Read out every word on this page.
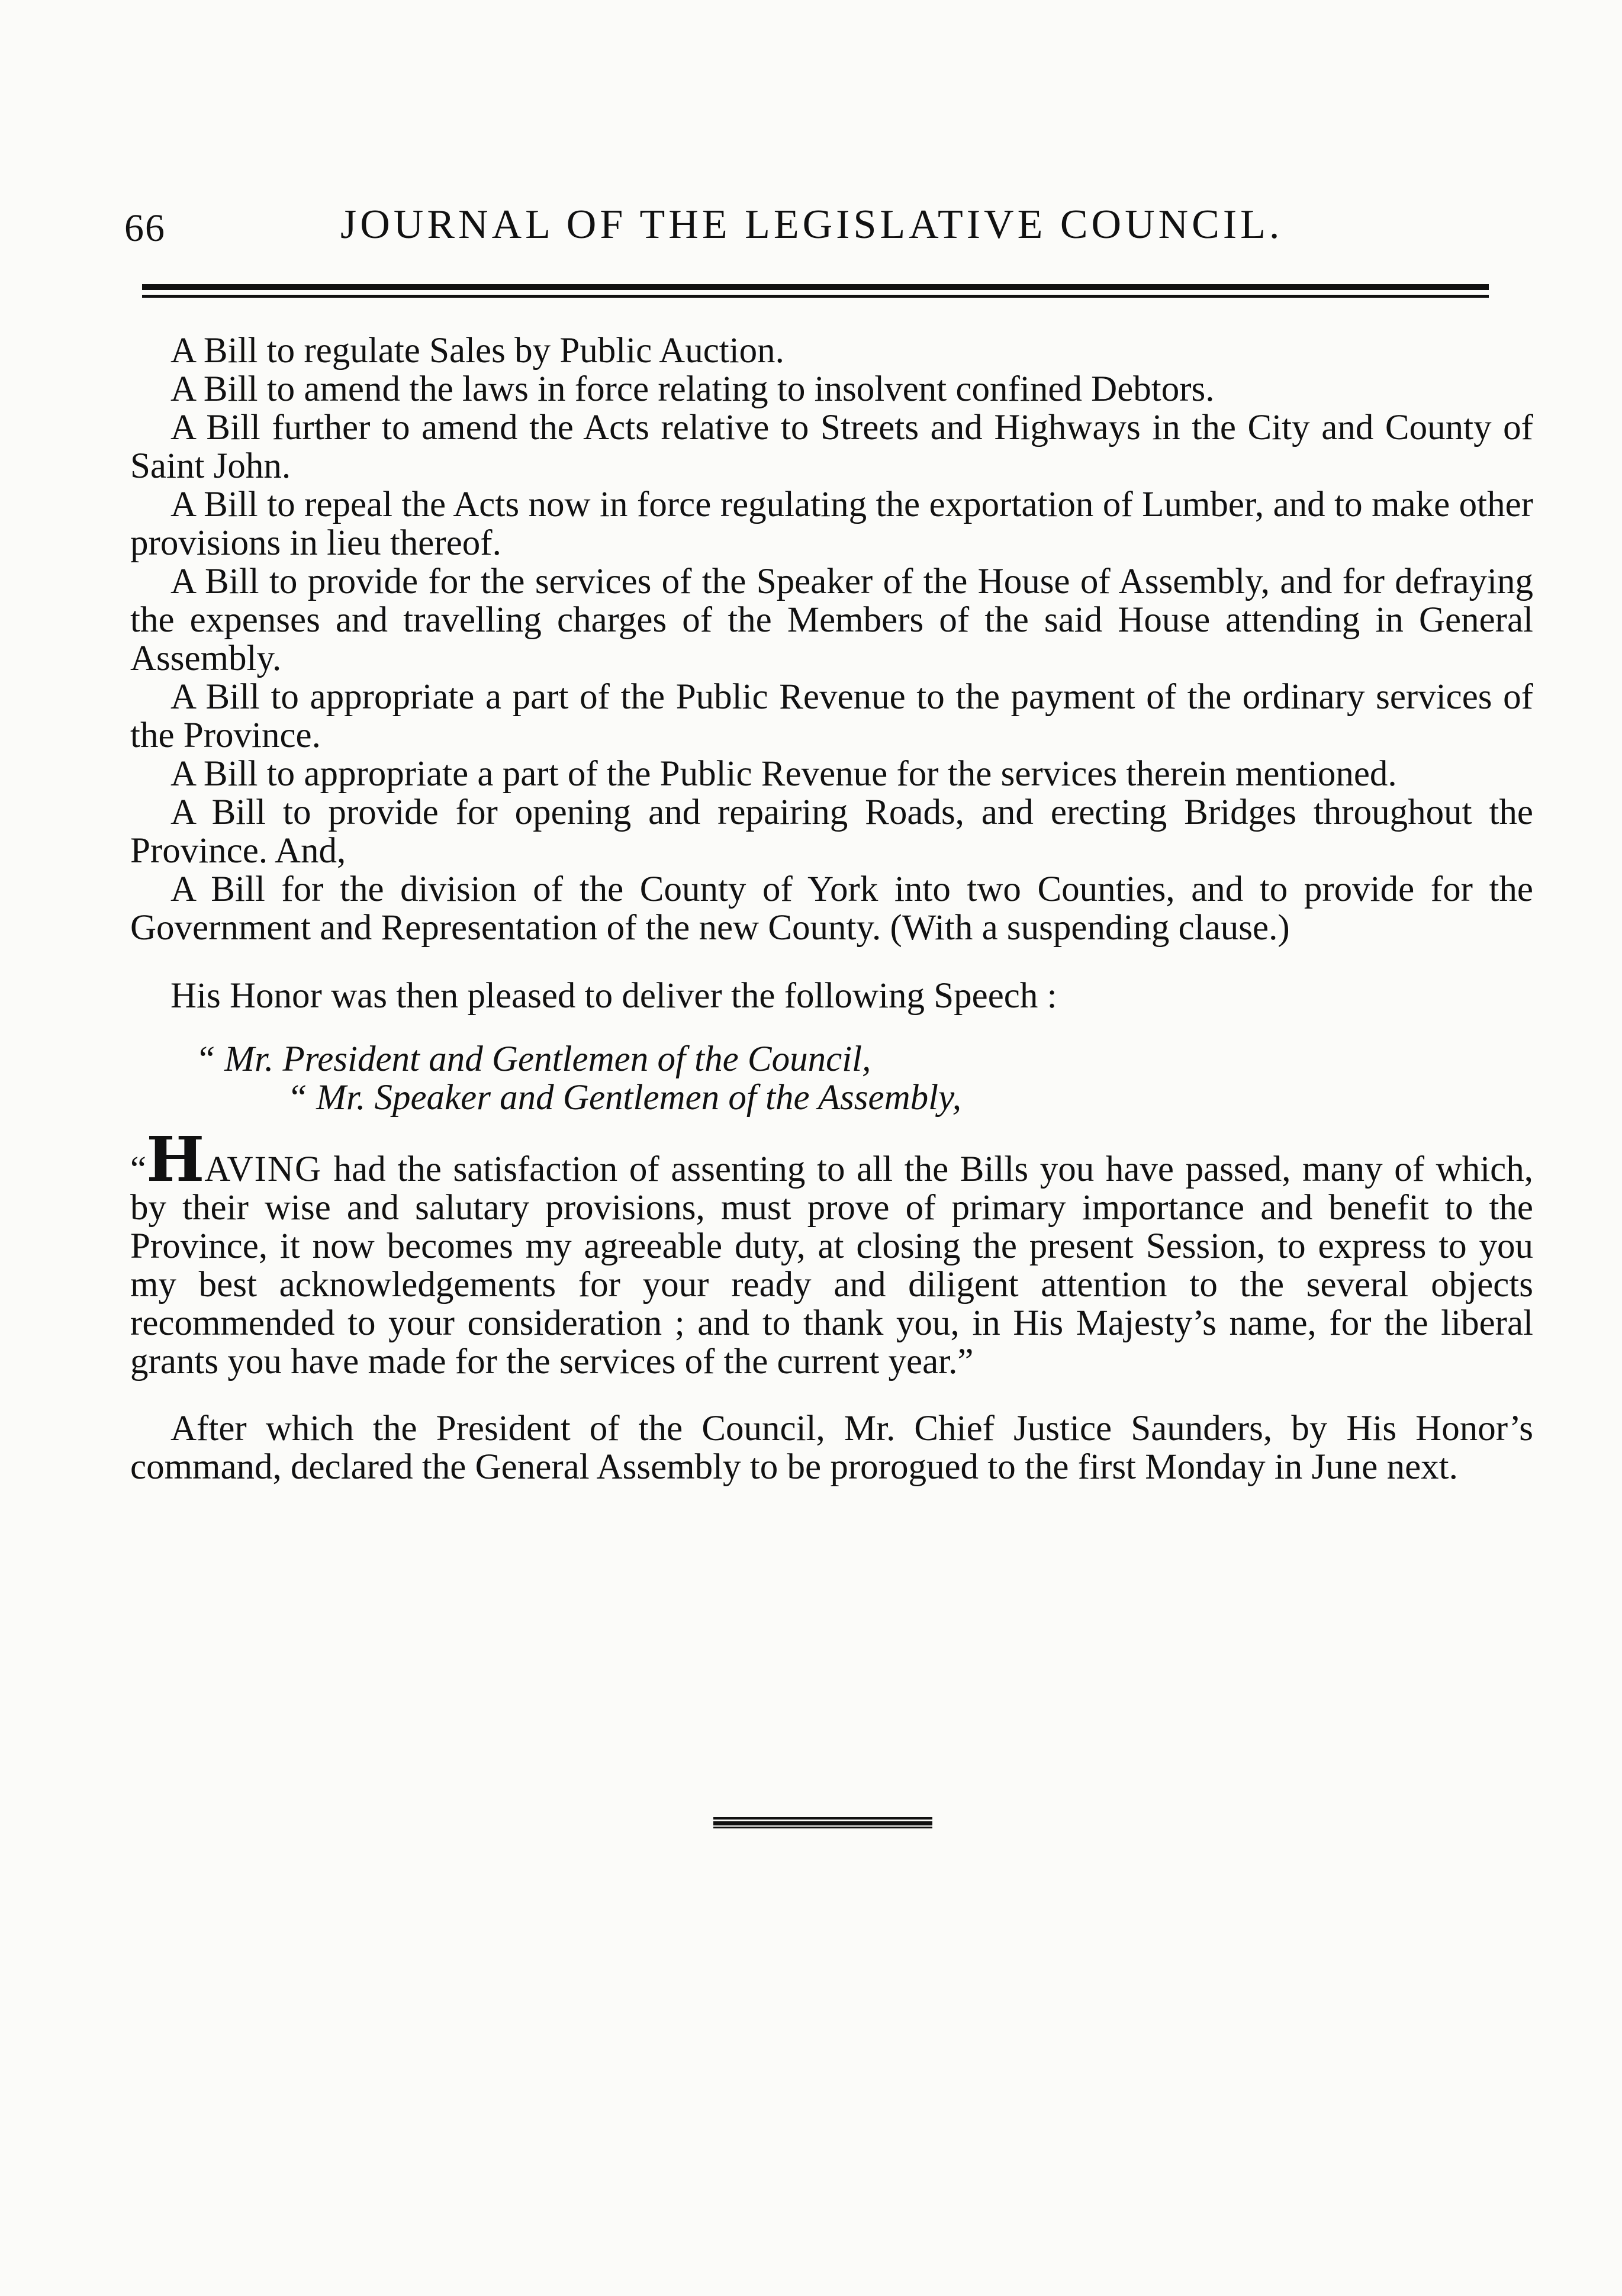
66	JOURNAL OF THE LEGISLATIVE COUNCIL.

A Bill to regulate Sales by Public Auction.

A Bill to amend the laws in force relating to insolvent confined Debtors.

A Bill further to amend the Acts relative to Streets and Highways in the City and County of Saint John.

A Bill to repeal the Acts now in force regulating the exportation of Lumber, and to make other provisions in lieu thereof.

A Bill to provide for the services of the Speaker of the House of Assembly, and for defraying the expenses and travelling charges of the Members of the said House attending in General Assembly.

A Bill to appropriate a part of the Public Revenue to the payment of the ordinary services of the Province.

A Bill to appropriate a part of the Public Revenue for the services therein mentioned.

A Bill to provide for opening and repairing Roads, and erecting Bridges throughout the Province. And,

A Bill for the division of the County of York into two Counties, and to provide for the Government and Representation of the new County. (With a suspending clause.)

His Honor was then pleased to deliver the following Speech :

“ Mr. President and Gentlemen of the Council,

“ Mr. Speaker and Gentlemen of the Assembly,

“HAVING had the satisfaction of assenting to all the Bills you have passed, many of which, by their wise and salutary provisions, must prove of primary importance and benefit to the Province, it now becomes my agreeable duty, at closing the present Session, to express to you my best acknowledgements for your ready and diligent attention to the several objects recommended to your consideration ; and to thank you, in His Majesty’s name, for the liberal grants you have made for the services of the current year.”

After which the President of the Council, Mr. Chief Justice Saunders, by His Honor’s command, declared the General Assembly to be prorogued to the first Monday in June next.
